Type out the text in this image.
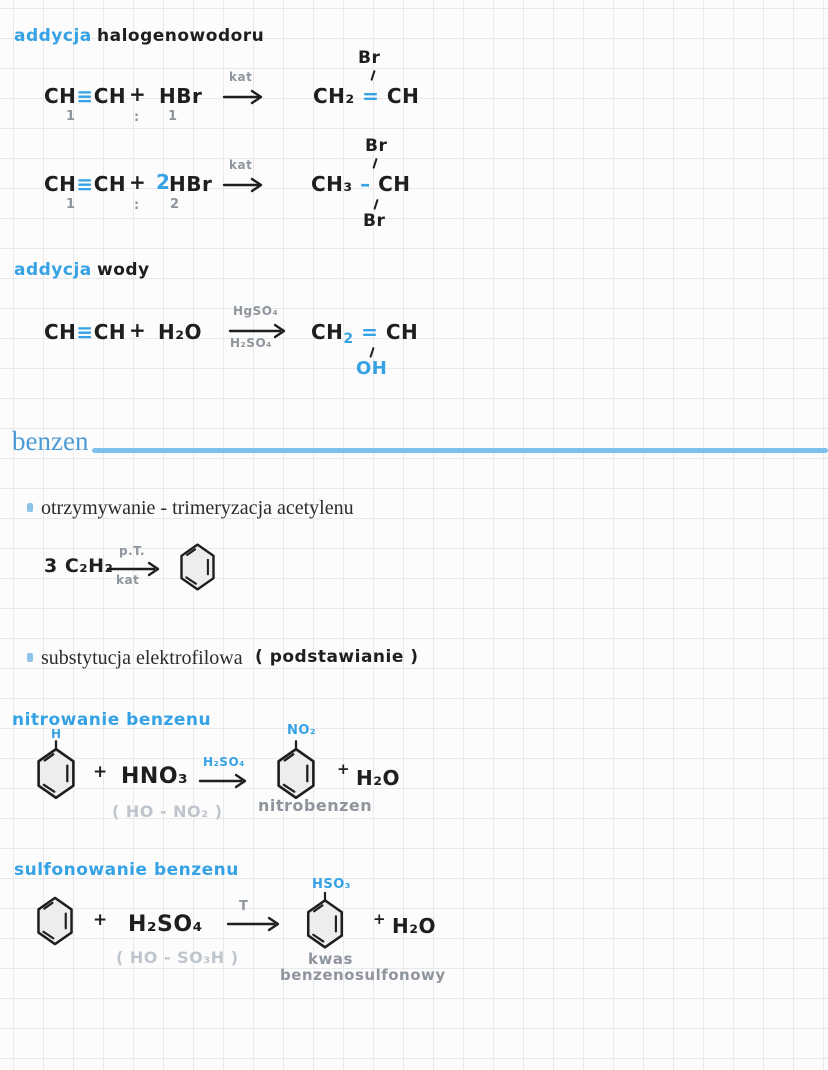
addycja halogenowodoru
CH≡CH + HBr
1	: 1
kat
Br
CH₂ = CH
CH≡CH + 2
HBr
1	: 2
kat
Br
CH₃ – CH
Br
addycja wody
CH≡CH + H₂O
HgSO₄
H₂SO₄ $CH_2$ = CH
OH
benzen
otrzymywanie - trimeryzacja acetylenu
3 C₂H₂
p.T.
kat
substytucja elektrofilowa ( podstawianie )
nitrowanie benzenu
H
+ HNO₃
( HO - NO₂ )
H₂SO₄
NO₂
nitrobenzen
+ H₂O
sulfonowanie benzenu
+ H₂SO₄
( HO - SO₃H )
T
HSO₃
kwas
benzenosulfonowy
+ H₂O
